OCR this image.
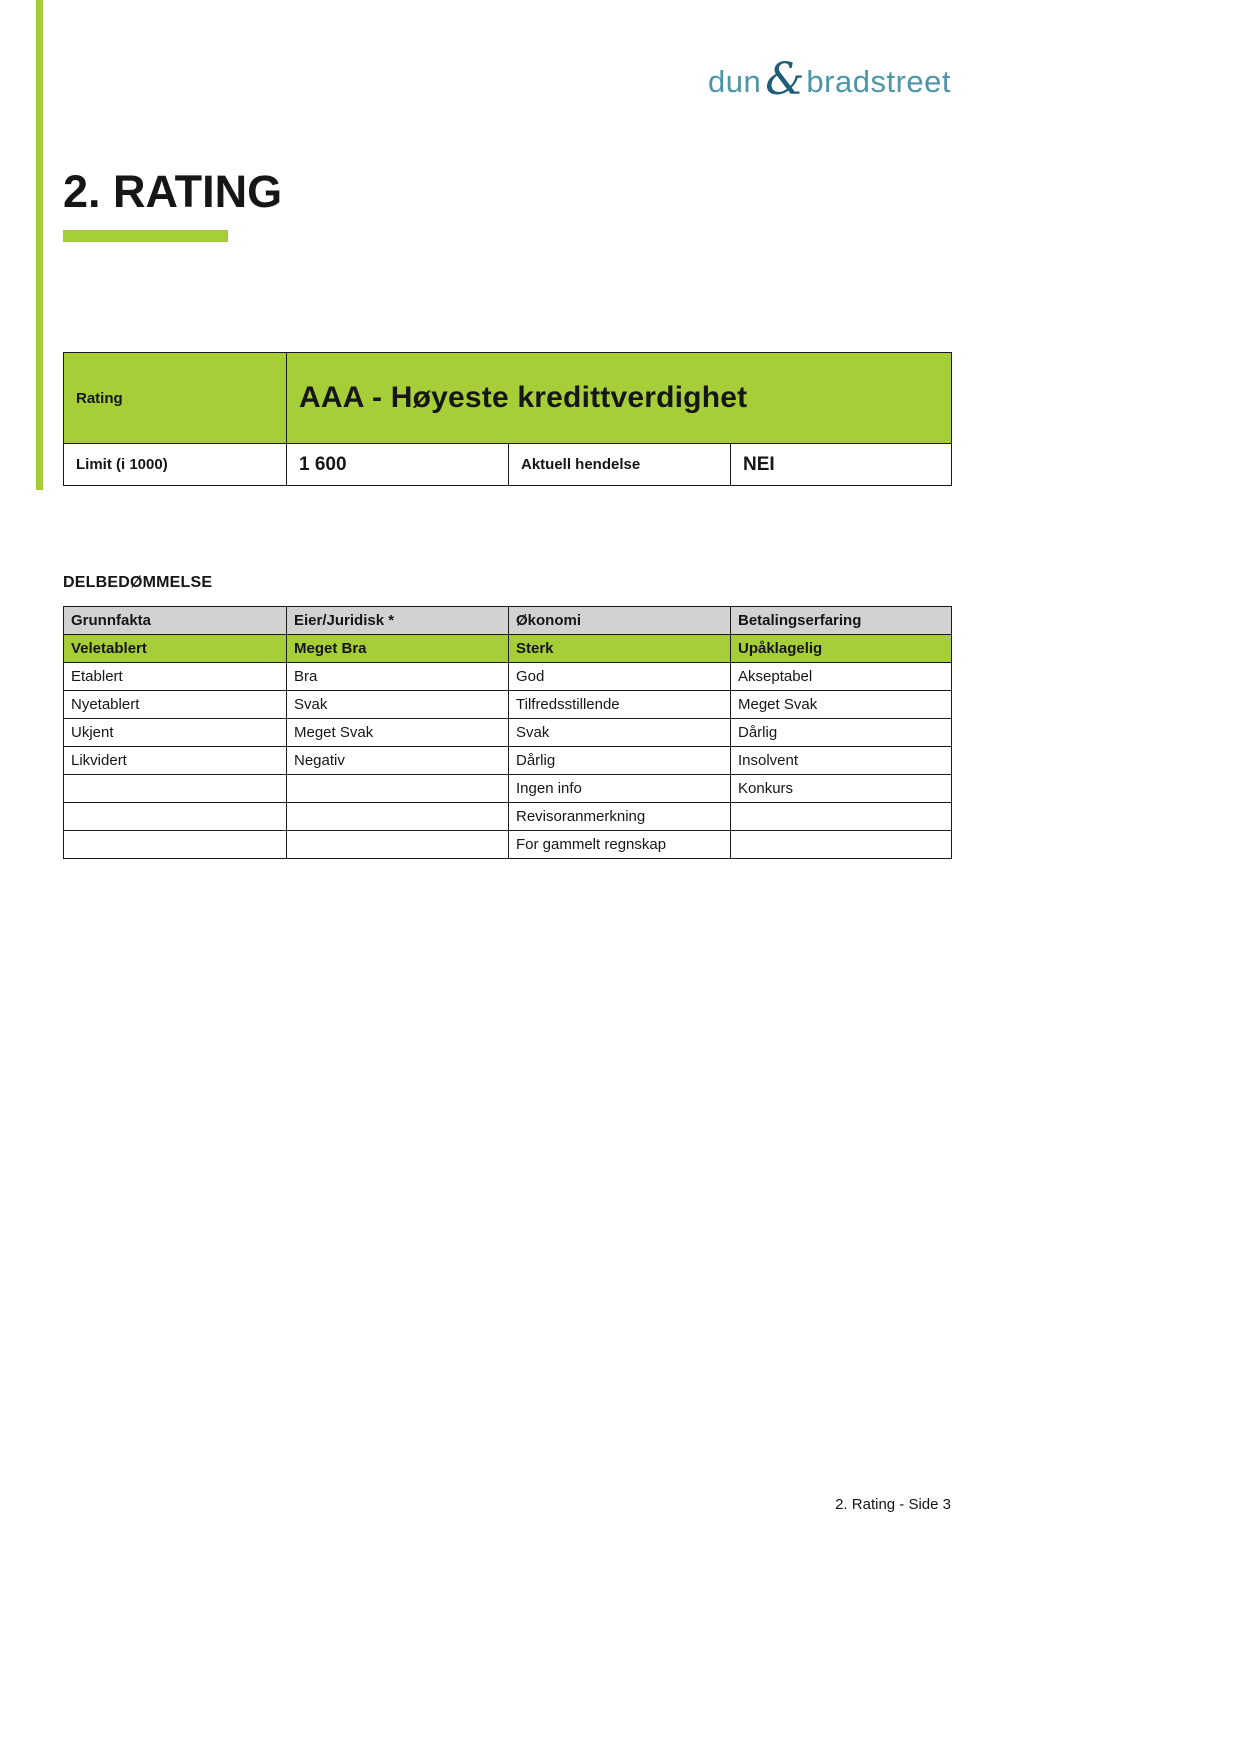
dun & bradstreet
2. RATING
Rating	AAA - Høyeste kredittverdighet		
Limit (i 1000)	1 600	Aktuell hendelse	NEI
DELBEDØMMELSE
Grunnfakta	Eier/Juridisk *	Økonomi	Betalingserfaring
Veletablert	Meget Bra	Sterk	Upåklagelig
Etablert	Bra	God	Akseptabel
Nyetablert	Svak	Tilfredsstillende	Meget Svak
Ukjent	Meget Svak	Svak	Dårlig
Likvidert	Negativ	Dårlig	Insolvent
		Ingen info	Konkurs
		Revisoranmerkning	
		For gammelt regnskap	
2. Rating - Side 3
